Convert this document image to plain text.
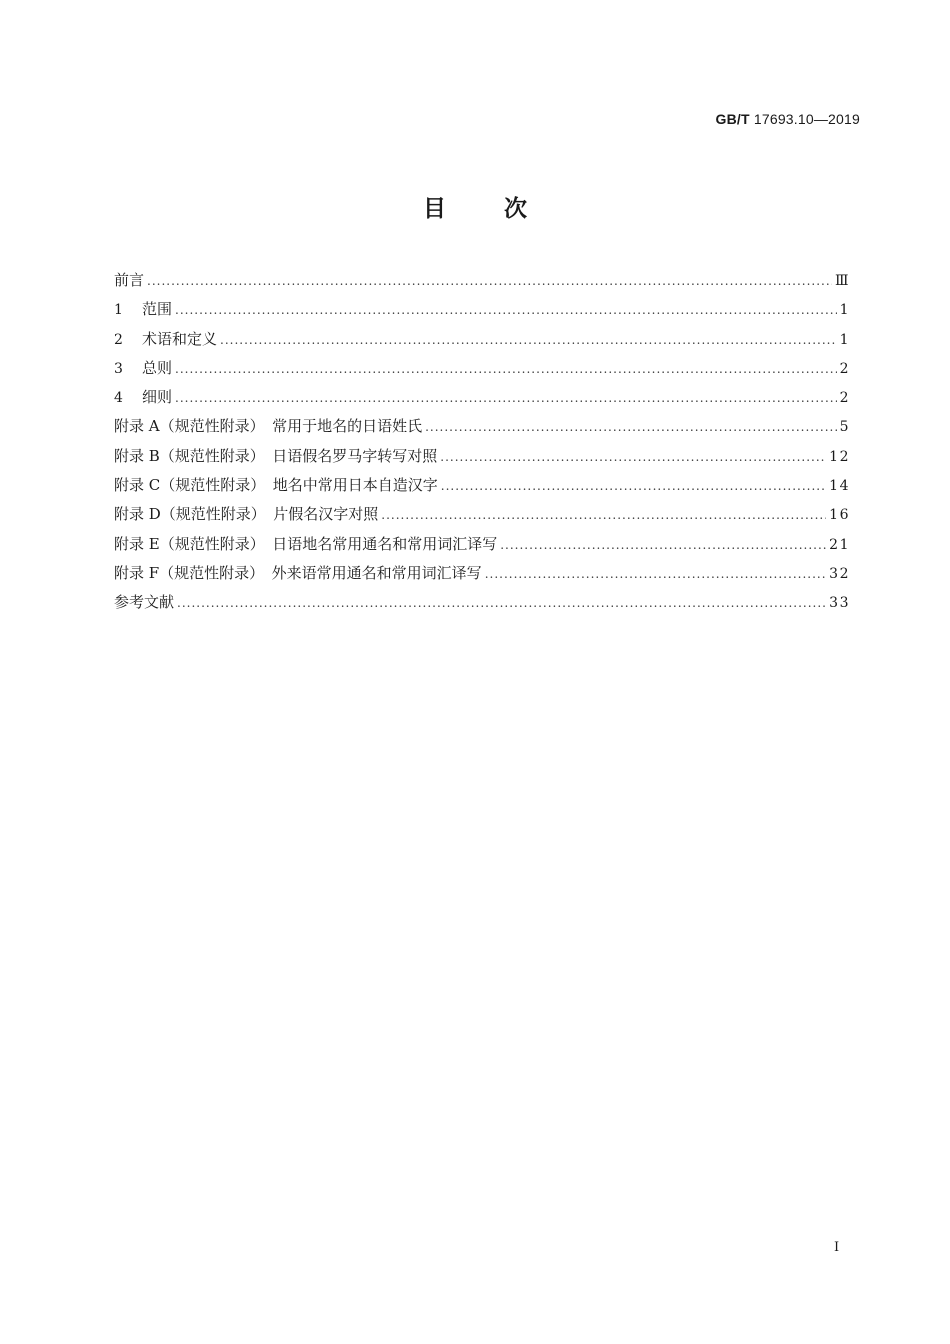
GB/T 17693.10—2019
目次
前言 .....	Ⅲ
1 范围 .....	1
2 术语和定义 .....	1
3 总则 .....	2
4 细则 .....	2
附录 A（规范性附录）　常用于地名的日语姓氏 .....	5
附录 B（规范性附录）　日语假名罗马字转写对照 .....	12
附录 C（规范性附录）　地名中常用日本自造汉字 .....	14
附录 D（规范性附录）　片假名汉字对照 .....	16
附录 E（规范性附录）　日语地名常用通名和常用词汇译写 .....	21
附录 F（规范性附录）　外来语常用通名和常用词汇译写 .....	32
参考文献 .....	33
I
